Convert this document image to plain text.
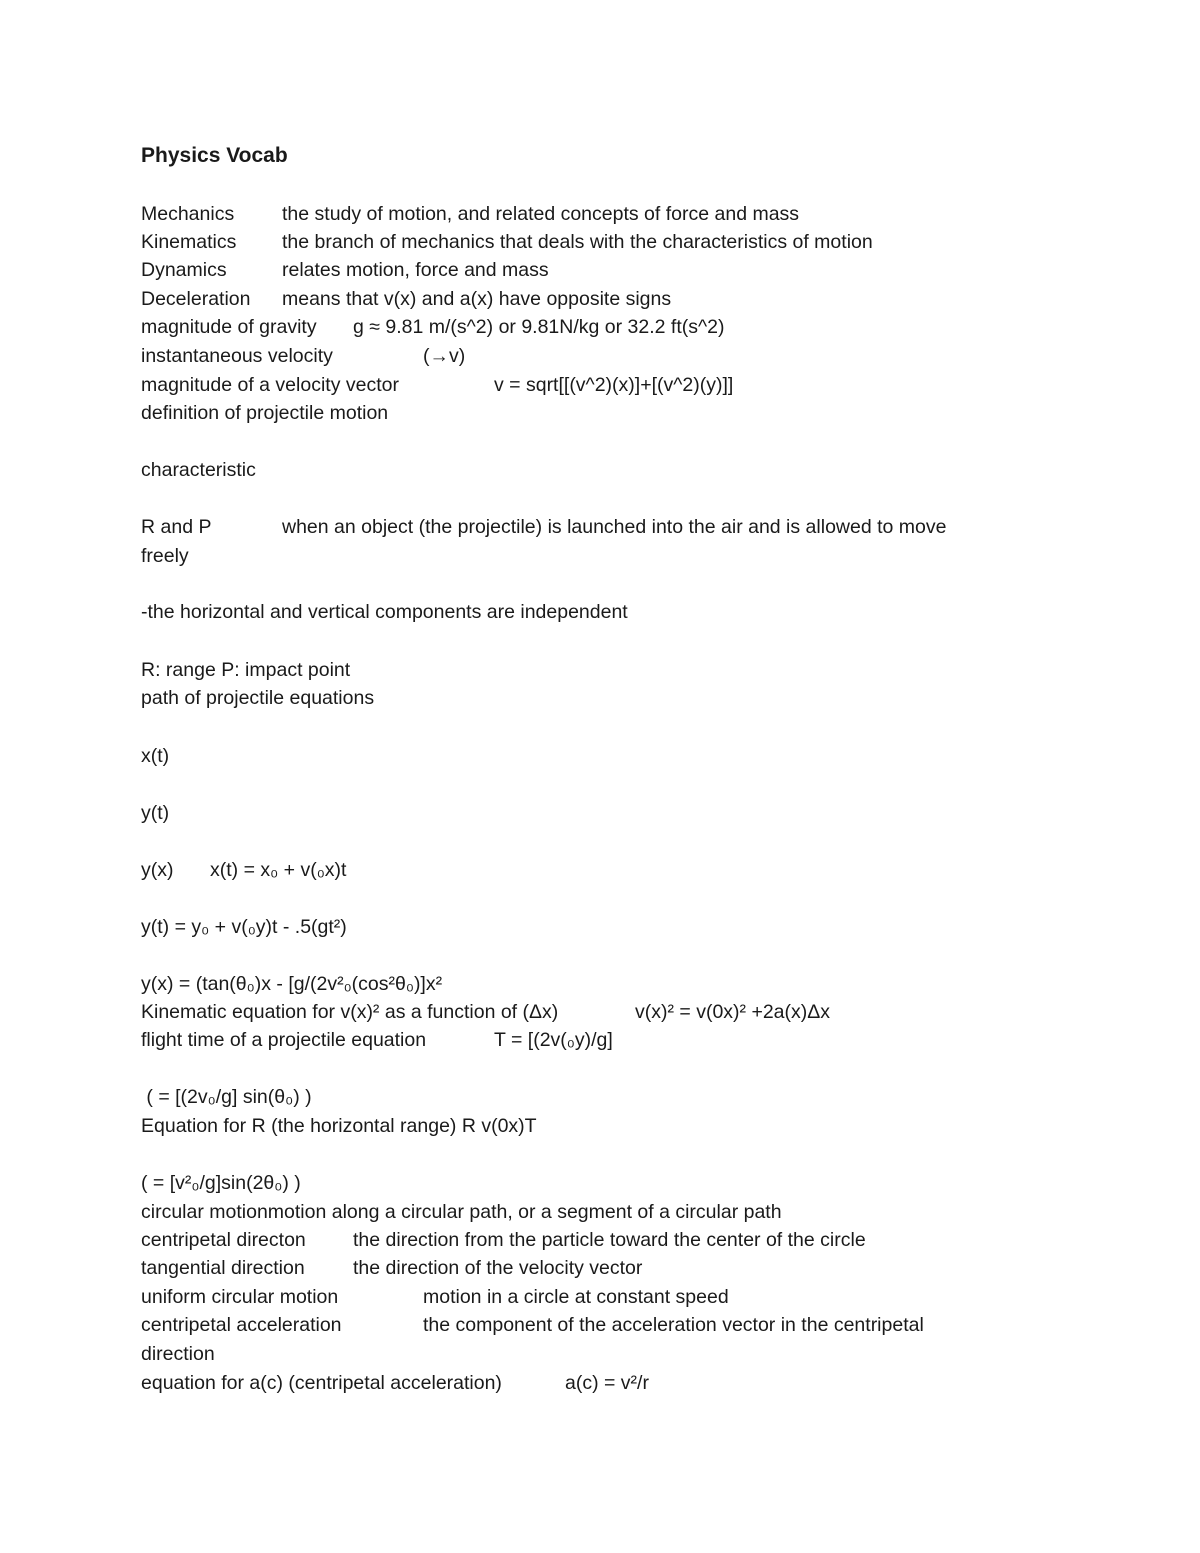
Physics Vocab
Mechanics the study of motion, and related concepts of force and mass
Kinematics the branch of mechanics that deals with the characteristics of motion
Dynamics	relates motion, force and mass
Deceleration means that v(x) and a(x) have opposite signs
magnitude of gravity g ≈ 9.81 m/(s^2) or 9.81N/kg or 32.2 ft(s^2)
instantaneous velocity	(→v)
magnitude of a velocity vector	v = sqrt[[(v^2)(x)]+[(v^2)(y)]]
definition of projectile motion
characteristic
R and P	when an object (the projectile) is launched into the air and is allowed to move
freely
-the horizontal and vertical components are independent
R: range P: impact point
path of projectile equations
x(t)
y(t)
y(x) x(t) = x₀ + v(₀x)t
y(t) = y₀ + v(₀y)t - .5(gt²)
y(x) = (tan(θ₀)x - [g/(2v²₀(cos²θ₀)]x²
Kinematic equation for v(x)² as a function of (Δx)	v(x)² = v(0x)² +2a(x)Δx
flight time of a projectile equation	T = [(2v(₀y)/g]
( = [(2v₀/g] sin(θ₀) )
Equation for R (the horizontal range) R v(0x)T
( = [v²₀/g]sin(2θ₀) )
circular motionmotion along a circular path, or a segment of a circular path
centripetal directon the direction from the particle toward the center of the circle
tangential direction the direction of the velocity vector
uniform circular motion	motion in a circle at constant speed
centripetal acceleration	the component of the acceleration vector in the centripetal
direction
equation for a(c) (centripetal acceleration)	a(c) = v²/r
